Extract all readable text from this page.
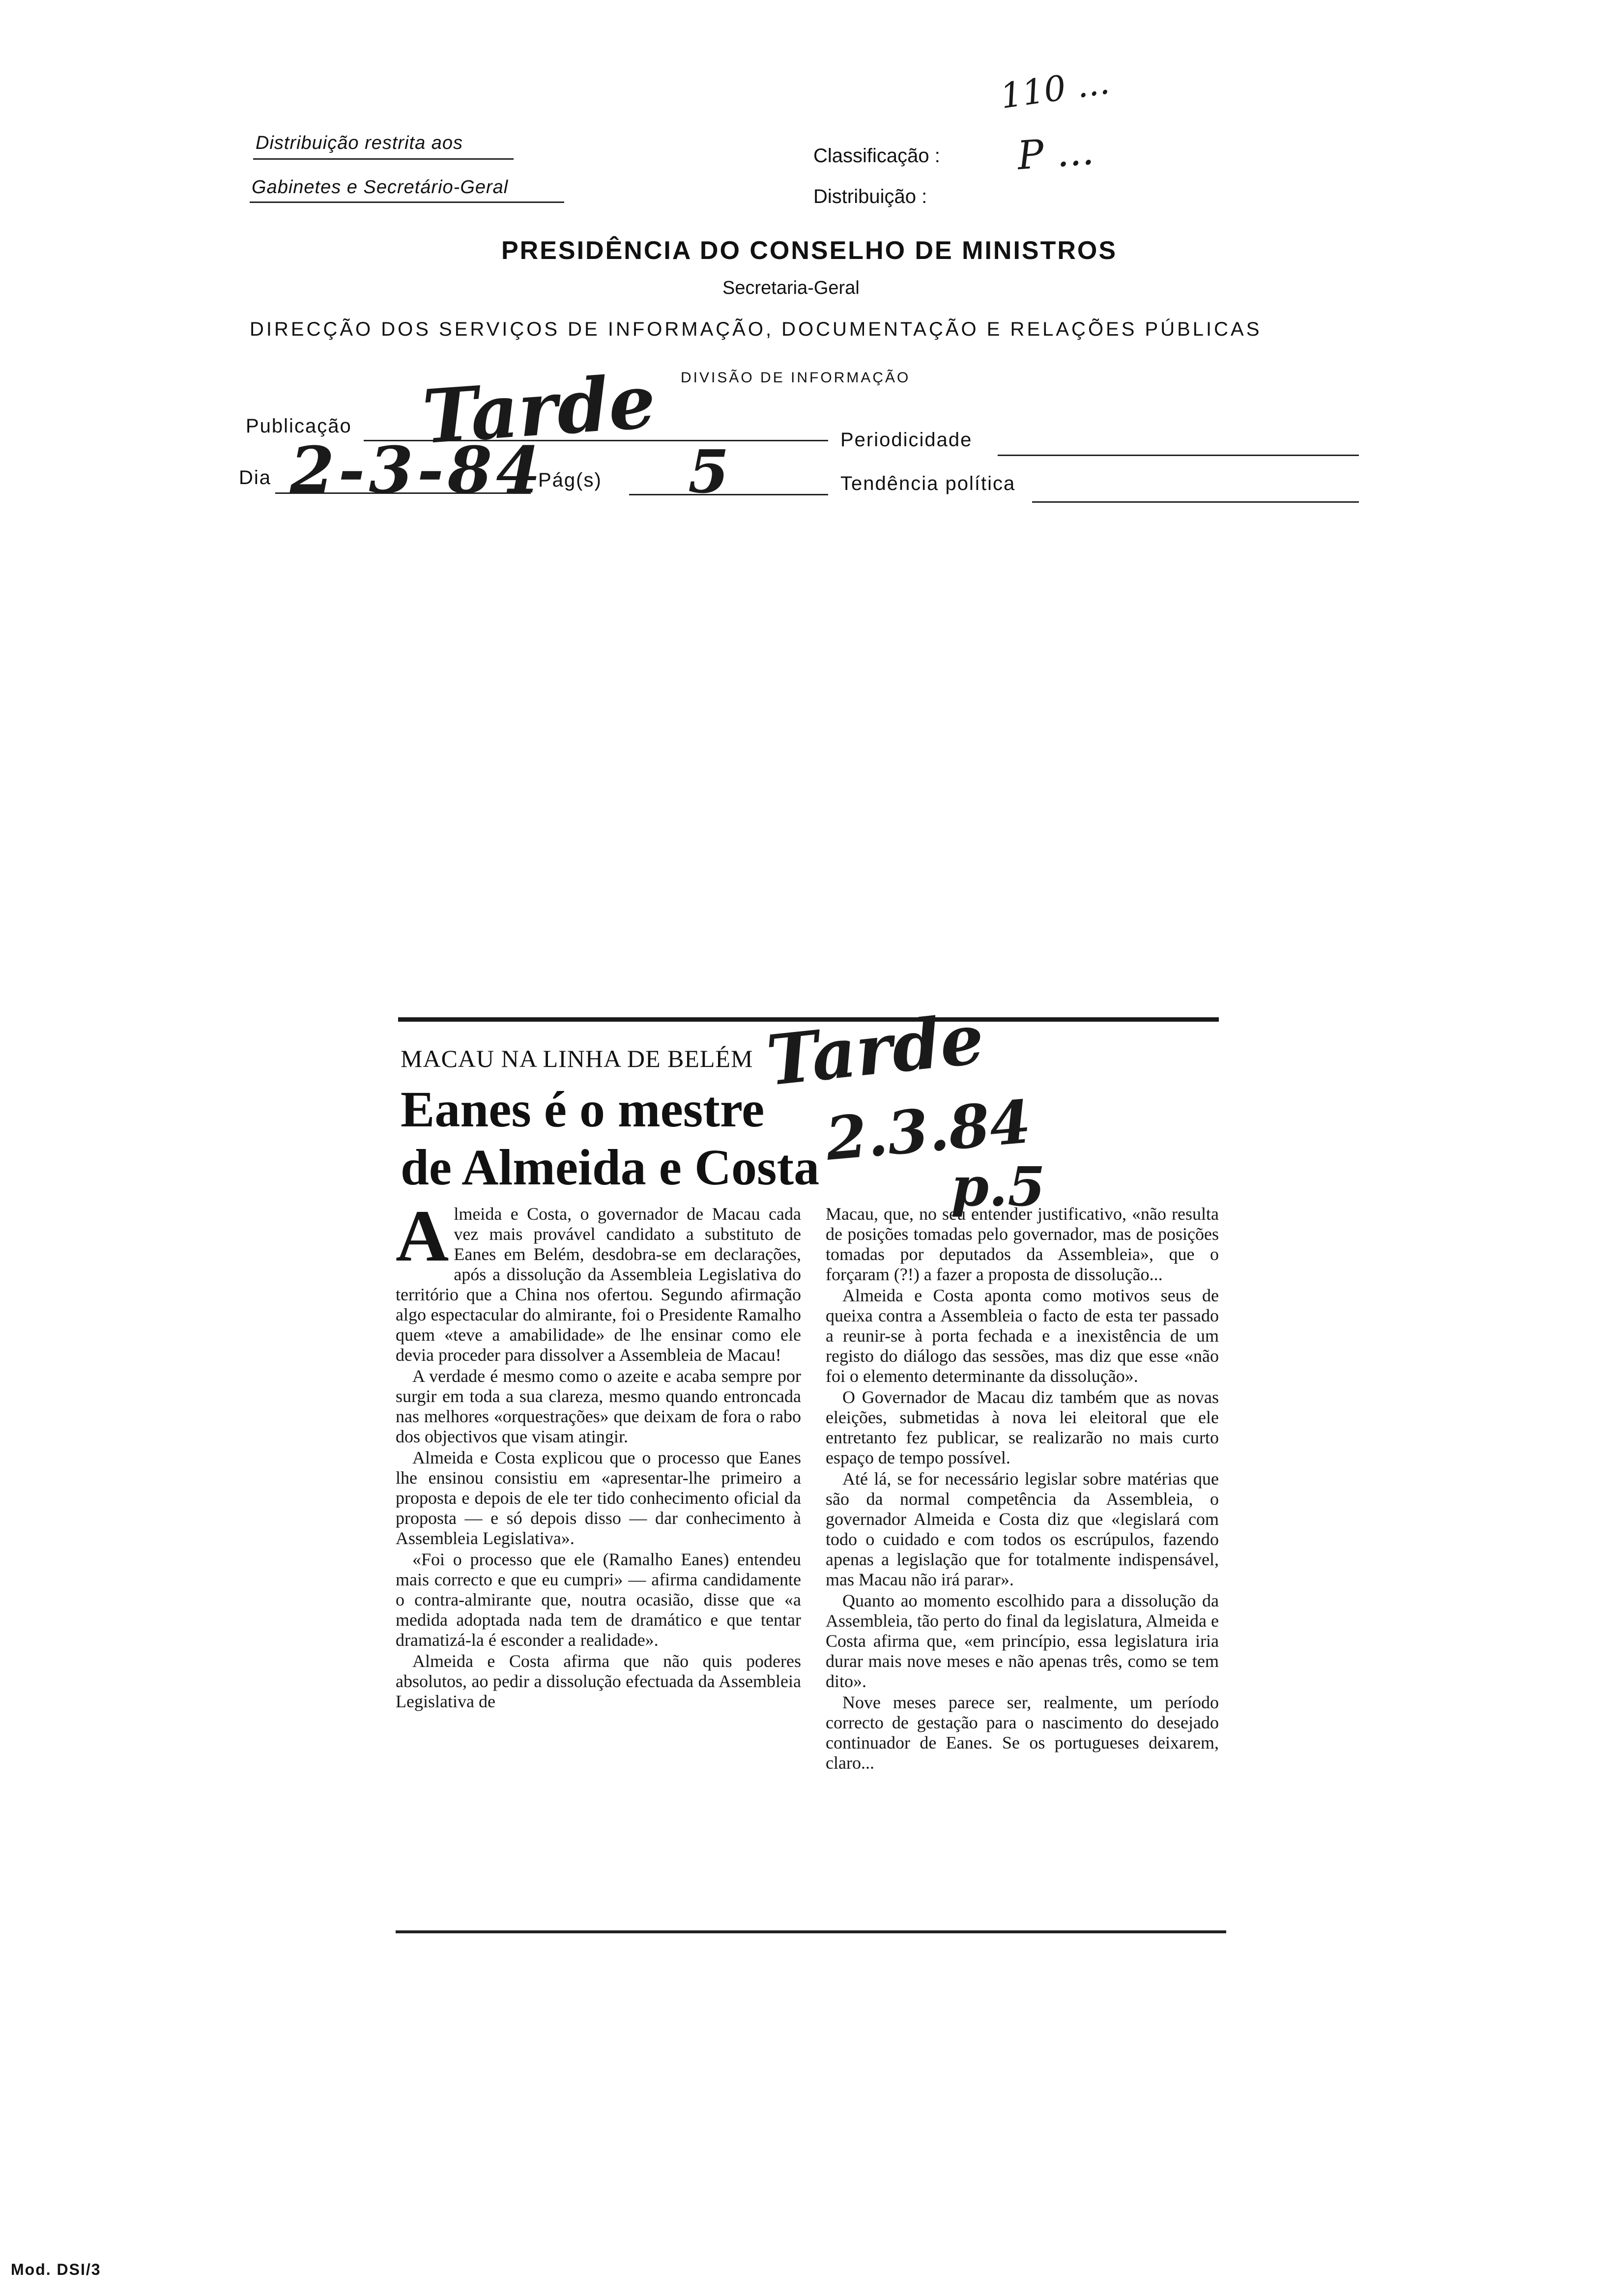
Distribuição restrita aos
Gabinetes e Secretário-Geral
Classificação :
Distribuição :
110 ...
P ...
PRESIDÊNCIA DO CONSELHO DE MINISTROS
Secretaria-Geral
DIRECÇÃO DOS SERVIÇOS DE INFORMAÇÃO, DOCUMENTAÇÃO E RELAÇÕES PÚBLICAS
DIVISÃO DE INFORMAÇÃO
Publicação Tarde	Periodicidade
Dia 2-3-84
Pág(s) 5	Tendência política
MACAU NA LINHA DE BELÉM
Eanes é o mestre
de Almeida e Costa
Tarde
2.3.84
p.5
A lmeida e Costa, o governador de Macau cada vez mais provável candidato a substituto de Eanes em Belém, desdobra-se em declarações, após a dissolução da Assembleia Legislativa do território que a China nos ofertou. Segundo afirmação algo espectacular do almirante, foi o Presidente Ramalho quem «teve a amabilidade» de lhe ensinar como ele devia proceder para dissolver a Assembleia de Macau!

A verdade é mesmo como o azeite e acaba sempre por surgir em toda a sua clareza, mesmo quando entroncada nas melhores «orquestrações» que deixam de fora o rabo dos objectivos que visam atingir.

Almeida e Costa explicou que o processo que Eanes lhe ensinou consistiu em «apresentar-lhe primeiro a proposta e depois de ele ter tido conhecimento oficial da proposta — e só depois disso — dar conhecimento à Assembleia Legislativa».

«Foi o processo que ele (Ramalho Eanes) entendeu mais correcto e que eu cumpri» — afirma candidamente o contra-almirante que, noutra ocasião, disse que «a medida adoptada nada tem de dramático e que tentar dramatizá-la é esconder a realidade».

Almeida e Costa afirma que não quis poderes absolutos, ao pedir a dissolução efectuada da Assembleia Legislativa de

Macau, que, no seu entender justificativo, «não resulta de posições tomadas pelo governador, mas de posições tomadas por deputados da Assembleia», que o forçaram (?!) a fazer a proposta de dissolução...

Almeida e Costa aponta como motivos seus de queixa contra a Assembleia o facto de esta ter passado a reunir-se à porta fechada e a inexistência de um registo do diálogo das sessões, mas diz que esse «não foi o elemento determinante da dissolução».

O Governador de Macau diz também que as novas eleições, submetidas à nova lei eleitoral que ele entretanto fez publicar, se realizarão no mais curto espaço de tempo possível.

Até lá, se for necessário legislar sobre matérias que são da normal competência da Assembleia, o governador Almeida e Costa diz que «legislará com todo o cuidado e com todos os escrúpulos, fazendo apenas a legislação que for totalmente indispensável, mas Macau não irá parar».

Quanto ao momento escolhido para a dissolução da Assembleia, tão perto do final da legislatura, Almeida e Costa afirma que, «em princípio, essa legislatura iria durar mais nove meses e não apenas três, como se tem dito».

Nove meses parece ser, realmente, um período correcto de gestação para o nascimento do desejado continuador de Eanes. Se os portugueses deixarem, claro...

Mod. DSI/3
